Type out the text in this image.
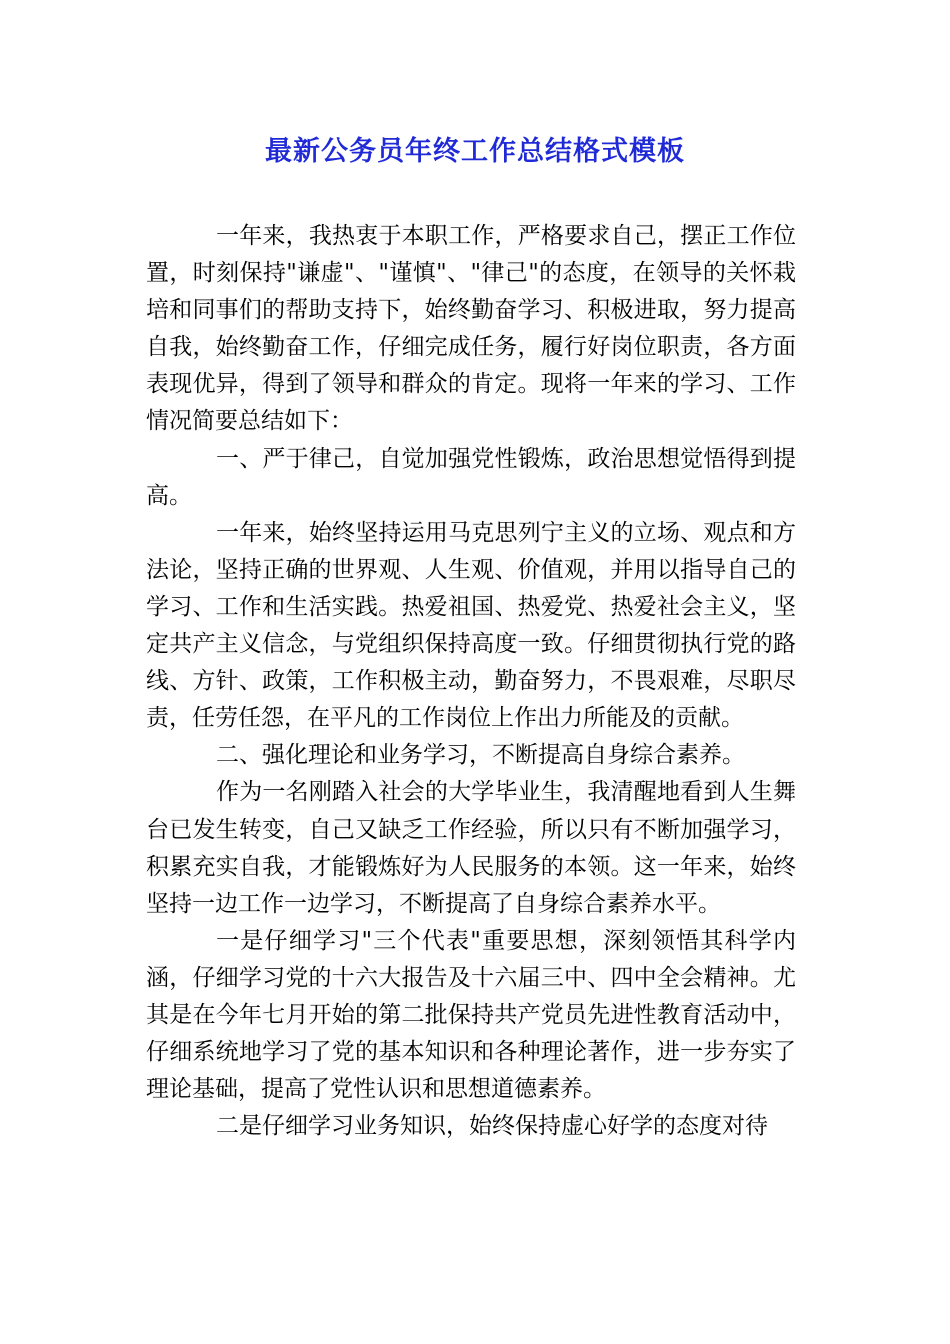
最新公务员年终工作总结格式模板

一年来，我热衷于本职工作，严格要求自己，摆正工作位置，时刻保持"谦虚"、"谨慎"、"律己"的态度，在领导的关怀栽培和同事们的帮助支持下，始终勤奋学习、积极进取，努力提高自我，始终勤奋工作，仔细完成任务，履行好岗位职责，各方面表现优异，得到了领导和群众的肯定。现将一年来的学习、工作情况简要总结如下：

一、严于律己，自觉加强党性锻炼，政治思想觉悟得到提高。

一年来，始终坚持运用马克思列宁主义的立场、观点和方法论，坚持正确的世界观、人生观、价值观，并用以指导自己的学习、工作和生活实践。热爱祖国、热爱党、热爱社会主义，坚定共产主义信念，与党组织保持高度一致。仔细贯彻执行党的路线、方针、政策，工作积极主动，勤奋努力，不畏艰难，尽职尽责，任劳任怨，在平凡的工作岗位上作出力所能及的贡献。

二、强化理论和业务学习，不断提高自身综合素养。

作为一名刚踏入社会的大学毕业生，我清醒地看到人生舞台已发生转变，自己又缺乏工作经验，所以只有不断加强学习，积累充实自我，才能锻炼好为人民服务的本领。这一年来，始终坚持一边工作一边学习，不断提高了自身综合素养水平。

一是仔细学习"三个代表"重要思想，深刻领悟其科学内涵，仔细学习党的十六大报告及十六届三中、四中全会精神。尤其是在今年七月开始的第二批保持共产党员先进性教育活动中，仔细系统地学习了党的基本知识和各种理论著作，进一步夯实了理论基础，提高了党性认识和思想道德素养。

二是仔细学习业务知识，始终保持虚心好学的态度对待
